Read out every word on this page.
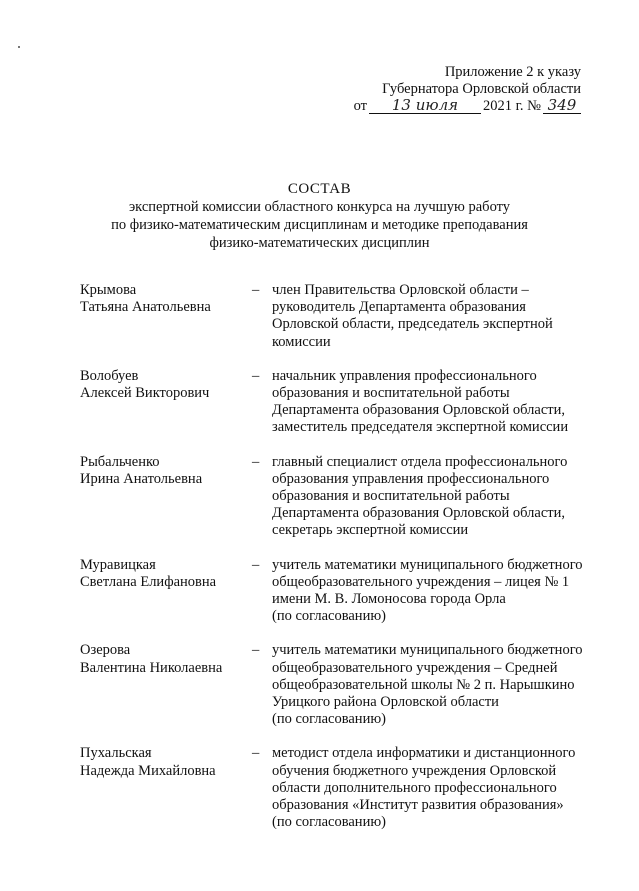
Приложение 2 к указу
Губернатора Орловской области
от	13 июля	2021 г. № 349
СОСТАВ
экспертной комиссии областного конкурса на лучшую работу
по физико-математическим дисциплинам и методике преподавания
физико-математических дисциплин
Крымова
Татьяна Анатольевна
– член Правительства Орловской области –
руководитель Департамента образования
Орловской области, председатель экспертной
комиссии
Волобуев
Алексей Викторович
– начальник управления профессионального
образования и воспитательной работы
Департамента образования Орловской области,
заместитель председателя экспертной комиссии
Рыбальченко
Ирина Анатольевна
– главный специалист отдела профессионального
образования управления профессионального
образования и воспитательной работы
Департамента образования Орловской области,
секретарь экспертной комиссии
Муравицкая
Светлана Елифановна
– учитель математики муниципального бюджетного
общеобразовательного учреждения – лицея № 1
имени М. В. Ломоносова города Орла
(по согласованию)
Озерова
Валентина Николаевна
– учитель математики муниципального бюджетного
общеобразовательного учреждения – Средней
общеобразовательной школы № 2 п. Нарышкино
Урицкого района Орловской области
(по согласованию)
Пухальская
Надежда Михайловна
– методист отдела информатики и дистанционного
обучения бюджетного учреждения Орловской
области дополнительного профессионального
образования «Институт развития образования»
(по согласованию)
